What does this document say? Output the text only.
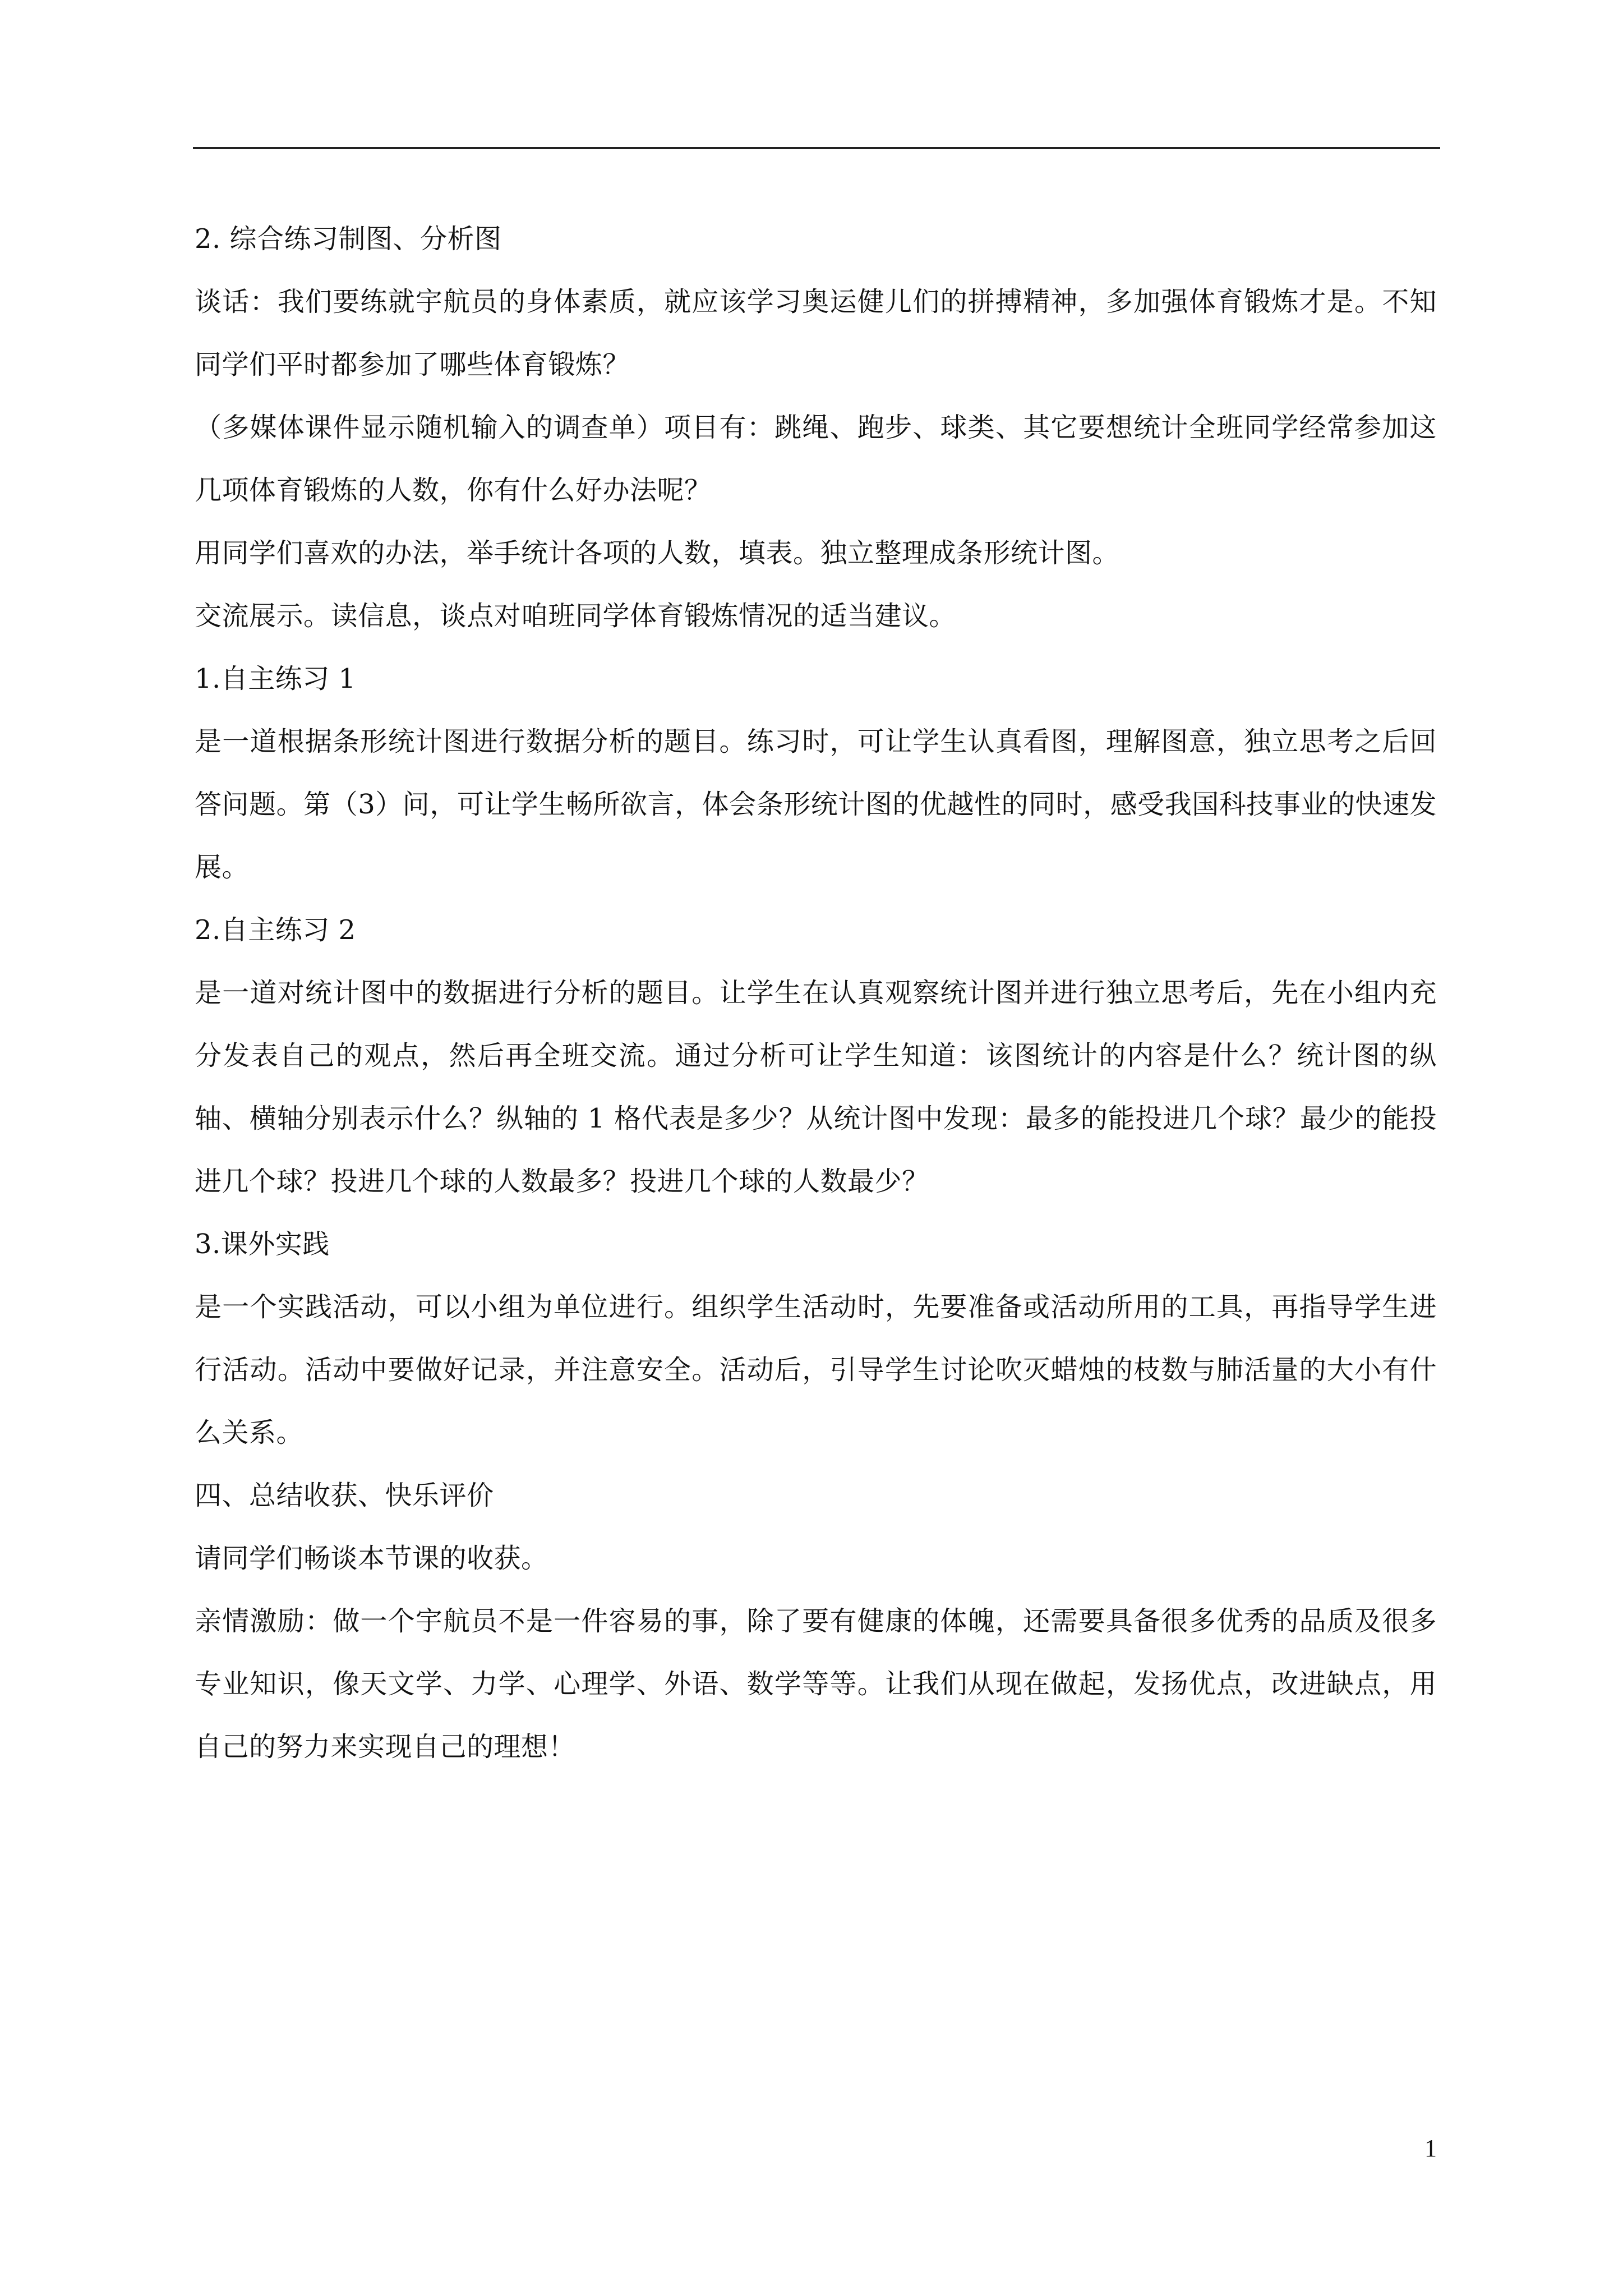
2. 综合练习制图、分析图

谈话：我们要练就宇航员的身体素质，就应该学习奥运健儿们的拼搏精神，多加强体育锻炼才是。不知同学们平时都参加了哪些体育锻炼？

（多媒体课件显示随机输入的调查单）项目有：跳绳、跑步、球类、其它要想统计全班同学经常参加这几项体育锻炼的人数，你有什么好办法呢？

用同学们喜欢的办法，举手统计各项的人数，填表。独立整理成条形统计图。

交流展示。读信息，谈点对咱班同学体育锻炼情况的适当建议。

1.自主练习 1

是一道根据条形统计图进行数据分析的题目。练习时，可让学生认真看图，理解图意，独立思考之后回答问题。第（3）问，可让学生畅所欲言，体会条形统计图的优越性的同时，感受我国科技事业的快速发展。

2.自主练习 2

是一道对统计图中的数据进行分析的题目。让学生在认真观察统计图并进行独立思考后，先在小组内充分发表自己的观点，然后再全班交流。通过分析可让学生知道：该图统计的内容是什么？统计图的纵轴、横轴分别表示什么？纵轴的 1 格代表是多少？从统计图中发现：最多的能投进几个球？最少的能投进几个球？投进几个球的人数最多？投进几个球的人数最少？

3.课外实践

是一个实践活动，可以小组为单位进行。组织学生活动时，先要准备或活动所用的工具，再指导学生进行活动。活动中要做好记录，并注意安全。活动后，引导学生讨论吹灭蜡烛的枝数与肺活量的大小有什么关系。

四、总结收获、快乐评价

请同学们畅谈本节课的收获。

亲情激励：做一个宇航员不是一件容易的事，除了要有健康的体魄，还需要具备很多优秀的品质及很多专业知识，像天文学、力学、心理学、外语、数学等等。让我们从现在做起，发扬优点，改进缺点，用自己的努力来实现自己的理想！

1
